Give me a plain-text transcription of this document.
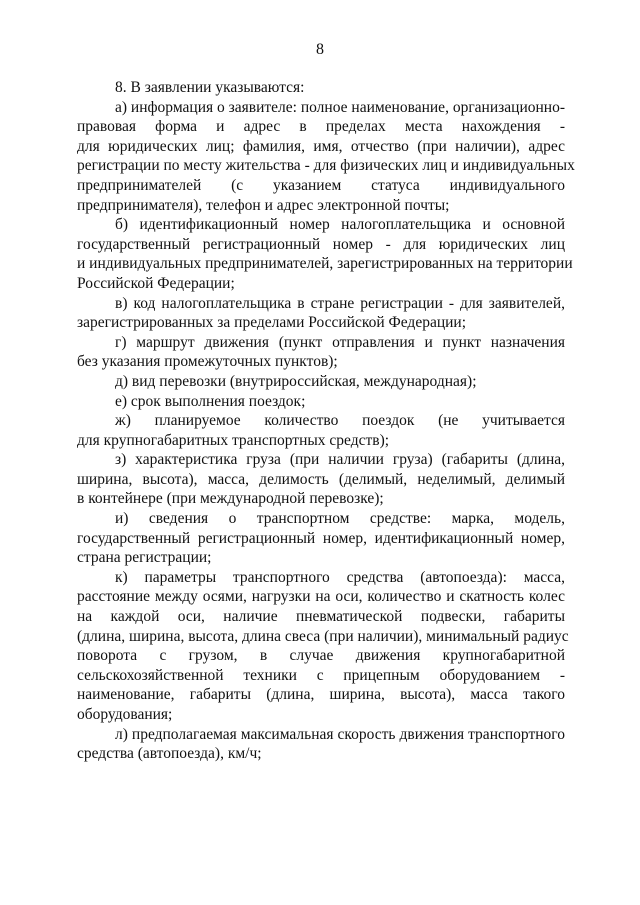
8
8. В заявлении указываются:
а) информация о заявителе: полное наименование, организационно-
правовая форма и адрес в пределах места нахождения -
для юридических лиц; фамилия, имя, отчество (при наличии), адрес
регистрации по месту жительства - для физических лиц и индивидуальных
предпринимателей (с указанием статуса индивидуального
предпринимателя), телефон и адрес электронной почты;
б) идентификационный номер налогоплательщика и основной
государственный регистрационный номер - для юридических лиц
и индивидуальных предпринимателей, зарегистрированных на территории
Российской Федерации;
в) код налогоплательщика в стране регистрации - для заявителей,
зарегистрированных за пределами Российской Федерации;
г) маршрут движения (пункт отправления и пункт назначения
без указания промежуточных пунктов);
д) вид перевозки (внутрироссийская, международная);
е) срок выполнения поездок;
ж) планируемое количество поездок (не учитывается
для крупногабаритных транспортных средств);
з) характеристика груза (при наличии груза) (габариты (длина,
ширина, высота), масса, делимость (делимый, неделимый, делимый
в контейнере (при международной перевозке);
и) сведения о транспортном средстве: марка, модель,
государственный регистрационный номер, идентификационный номер,
страна регистрации;
к) параметры транспортного средства (автопоезда): масса,
расстояние между осями, нагрузки на оси, количество и скатность колес
на каждой оси, наличие пневматической подвески, габариты
(длина, ширина, высота, длина свеса (при наличии), минимальный радиус
поворота с грузом, в случае движения крупногабаритной
сельскохозяйственной техники с прицепным оборудованием -
наименование, габариты (длина, ширина, высота), масса такого
оборудования;
л) предполагаемая максимальная скорость движения транспортного
средства (автопоезда), км/ч;
